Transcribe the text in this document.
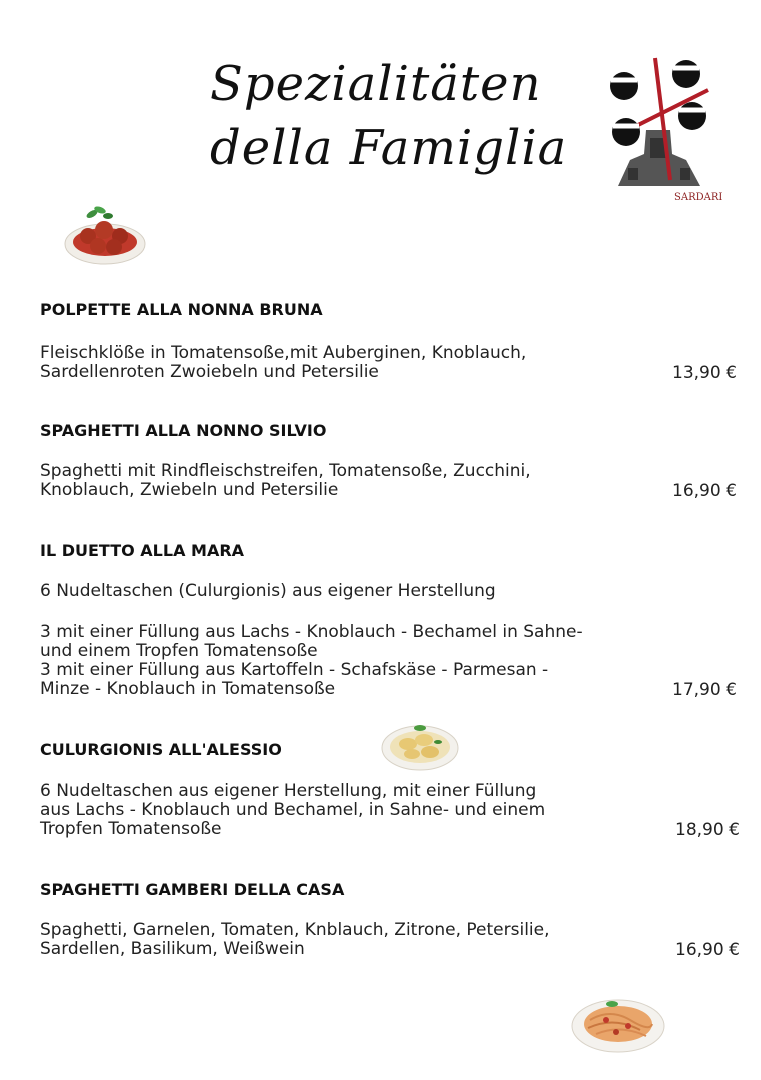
Spezialitäten
della Famiglia
SARDARI
POLPETTE ALLA NONNA BRUNA
Fleischklöße in Tomatensoße,mit Auberginen, Knoblauch,
Sardellenroten Zwoiebeln und Petersilie	13,90 €
SPAGHETTI ALLA NONNO SILVIO
Spaghetti mit Rindfleischstreifen, Tomatensoße, Zucchini,
Knoblauch, Zwiebeln und Petersilie	16,90 €
IL DUETTO ALLA MARA
6 Nudeltaschen (Culurgionis) aus eigener Herstellung
3 mit einer Füllung aus Lachs - Knoblauch - Bechamel in Sahne-
und einem Tropfen Tomatensoße
3 mit einer Füllung aus Kartoffeln - Schafskäse - Parmesan -
Minze - Knoblauch in Tomatensoße	17,90 €
CULURGIONIS ALL'ALESSIO
6 Nudeltaschen aus eigener Herstellung, mit einer Füllung
aus Lachs - Knoblauch und Bechamel, in Sahne- und einem
Tropfen Tomatensoße	18,90 €
SPAGHETTI GAMBERI DELLA CASA
Spaghetti, Garnelen, Tomaten, Knblauch, Zitrone, Petersilie,
Sardellen, Basilikum, Weißwein	16,90 €
